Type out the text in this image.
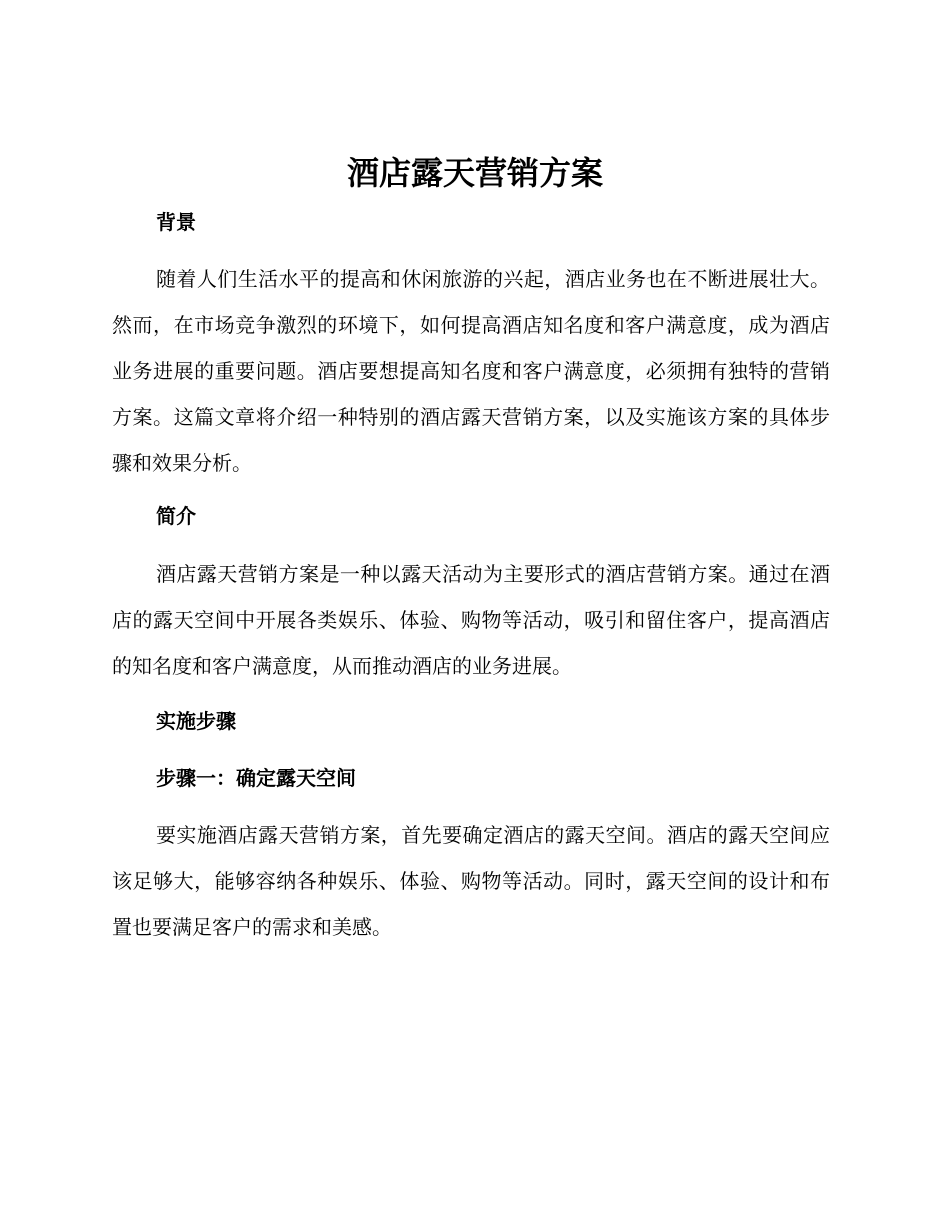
酒店露天营销方案
背景

随着人们生活水平的提高和休闲旅游的兴起，酒店业务也在不断进展壮大。然而，在市场竞争激烈的环境下，如何提高酒店知名度和客户满意度，成为酒店业务进展的重要问题。酒店要想提高知名度和客户满意度，必须拥有独特的营销方案。这篇文章将介绍一种特别的酒店露天营销方案，以及实施该方案的具体步骤和效果分析。

简介

酒店露天营销方案是一种以露天活动为主要形式的酒店营销方案。通过在酒店的露天空间中开展各类娱乐、体验、购物等活动，吸引和留住客户，提高酒店的知名度和客户满意度，从而推动酒店的业务进展。

实施步骤
步骤一：确定露天空间

要实施酒店露天营销方案，首先要确定酒店的露天空间。酒店的露天空间应该足够大，能够容纳各种娱乐、体验、购物等活动。同时，露天空间的设计和布置也要满足客户的需求和美感。
